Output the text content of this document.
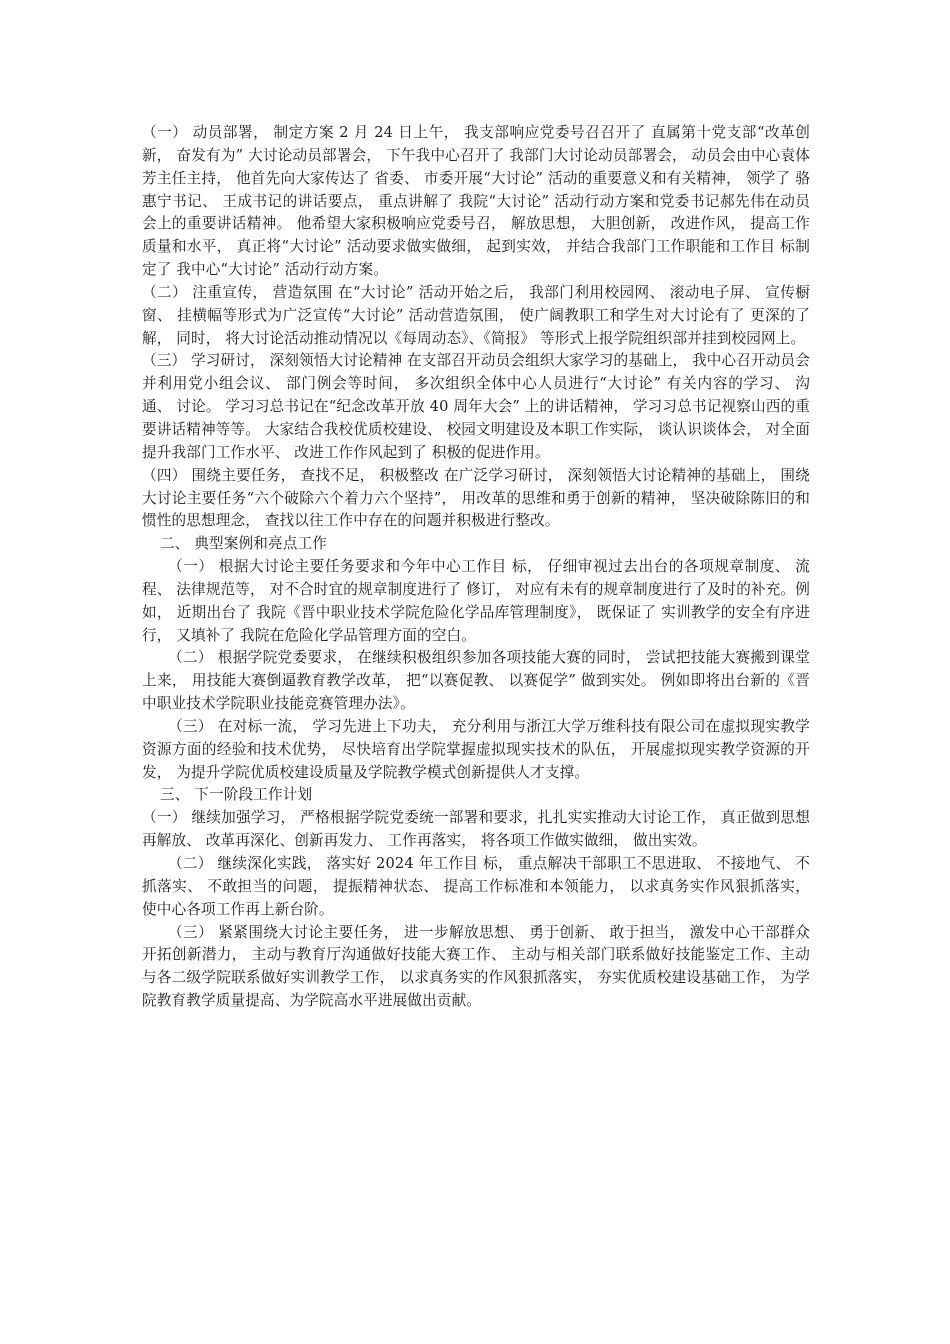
（一） 动员部署， 制定方案 2 月 24 日上午， 我支部响应党委号召召开了 直属第十党支部“改革创新， 奋发有为” 大讨论动员部署会， 下午我中心召开了 我部门大讨论动员部署会， 动员会由中心袁体芳主任主持， 他首先向大家传达了 省委、 市委开展“大讨论” 活动的重要意义和有关精神， 领学了 骆惠宁书记、 王成书记的讲话要点， 重点讲解了 我院“大讨论” 活动行动方案和党委书记郝先伟在动员会上的重要讲话精神。 他希望大家积极响应党委号召， 解放思想， 大胆创新， 改进作风， 提高工作质量和水平， 真正将“大讨论” 活动要求做实做细， 起到实效， 并结合我部门工作职能和工作目 标制定了 我中心“大讨论” 活动行动方案。

（二） 注重宣传， 营造氛围 在“大讨论” 活动开始之后， 我部门利用校园网、 滚动电子屏、 宣传橱窗、 挂横幅等形式为广泛宣传“大讨论” 活动营造氛围， 使广阔教职工和学生对大讨论有了 更深的了 解， 同时， 将大讨论活动推动情况以《每周动态》、《简报》 等形式上报学院组织部并挂到校园网上。

（三） 学习研讨， 深刻领悟大讨论精神 在支部召开动员会组织大家学习的基础上， 我中心召开动员会并利用党小组会议、 部门例会等时间， 多次组织全体中心人员进行“大讨论” 有关内容的学习、 沟通、 讨论。 学习习总书记在“纪念改革开放 40 周年大会” 上的讲话精神， 学习习总书记视察山西的重要讲话精神等等。 大家结合我校优质校建设、 校园文明建设及本职工作实际， 谈认识谈体会， 对全面提升我部门工作水平、 改进工作作风起到了 积极的促进作用。

（四） 围绕主要任务， 查找不足， 积极整改 在广泛学习研讨， 深刻领悟大讨论精神的基础上， 围绕大讨论主要任务“六个破除六个着力六个坚持”， 用改革的思维和勇于创新的精神， 坚决破除陈旧的和惯性的思想理念， 查找以往工作中存在的问题并积极进行整改。

二、 典型案例和亮点工作

（一） 根据大讨论主要任务要求和今年中心工作目 标， 仔细审视过去出台的各项规章制度、 流程、 法律规范等， 对不合时宜的规章制度进行了 修订， 对应有未有的规章制度进行了及时的补充。例如， 近期出台了 我院《晋中职业技术学院危险化学品库管理制度》， 既保证了 实训教学的安全有序进行， 又填补了 我院在危险化学品管理方面的空白。

（二） 根据学院党委要求， 在继续积极组织参加各项技能大赛的同时， 尝试把技能大赛搬到课堂上来， 用技能大赛倒逼教育教学改革， 把“以赛促教、 以赛促学” 做到实处。 例如即将出台新的《晋中职业技术学院职业技能竞赛管理办法》。

（三） 在对标一流， 学习先进上下功夫， 充分利用与浙江大学万维科技有限公司在虚拟现实教学资源方面的经验和技术优势， 尽快培育出学院掌握虚拟现实技术的队伍， 开展虚拟现实教学资源的开发， 为提升学院优质校建设质量及学院教学模式创新提供人才支撑。

三、 下一阶段工作计划

（一） 继续加强学习， 严格根据学院党委统一部署和要求，扎扎实实推动大讨论工作， 真正做到思想再解放、 改革再深化、创新再发力、 工作再落实， 将各项工作做实做细， 做出实效。

（二） 继续深化实践， 落实好 2024 年工作目 标， 重点解决干部职工不思进取、 不接地气、 不抓落实、 不敢担当的问题， 提振精神状态、 提高工作标准和本领能力， 以求真务实作风狠抓落实， 使中心各项工作再上新台阶。

（三） 紧紧围绕大讨论主要任务， 进一步解放思想、 勇于创新、 敢于担当， 激发中心干部群众开拓创新潜力， 主动与教育厅沟通做好技能大赛工作、 主动与相关部门联系做好技能鉴定工作、主动与各二级学院联系做好实训教学工作， 以求真务实的作风狠抓落实， 夯实优质校建设基础工作， 为学院教育教学质量提高、为学院高水平进展做出贡献。
